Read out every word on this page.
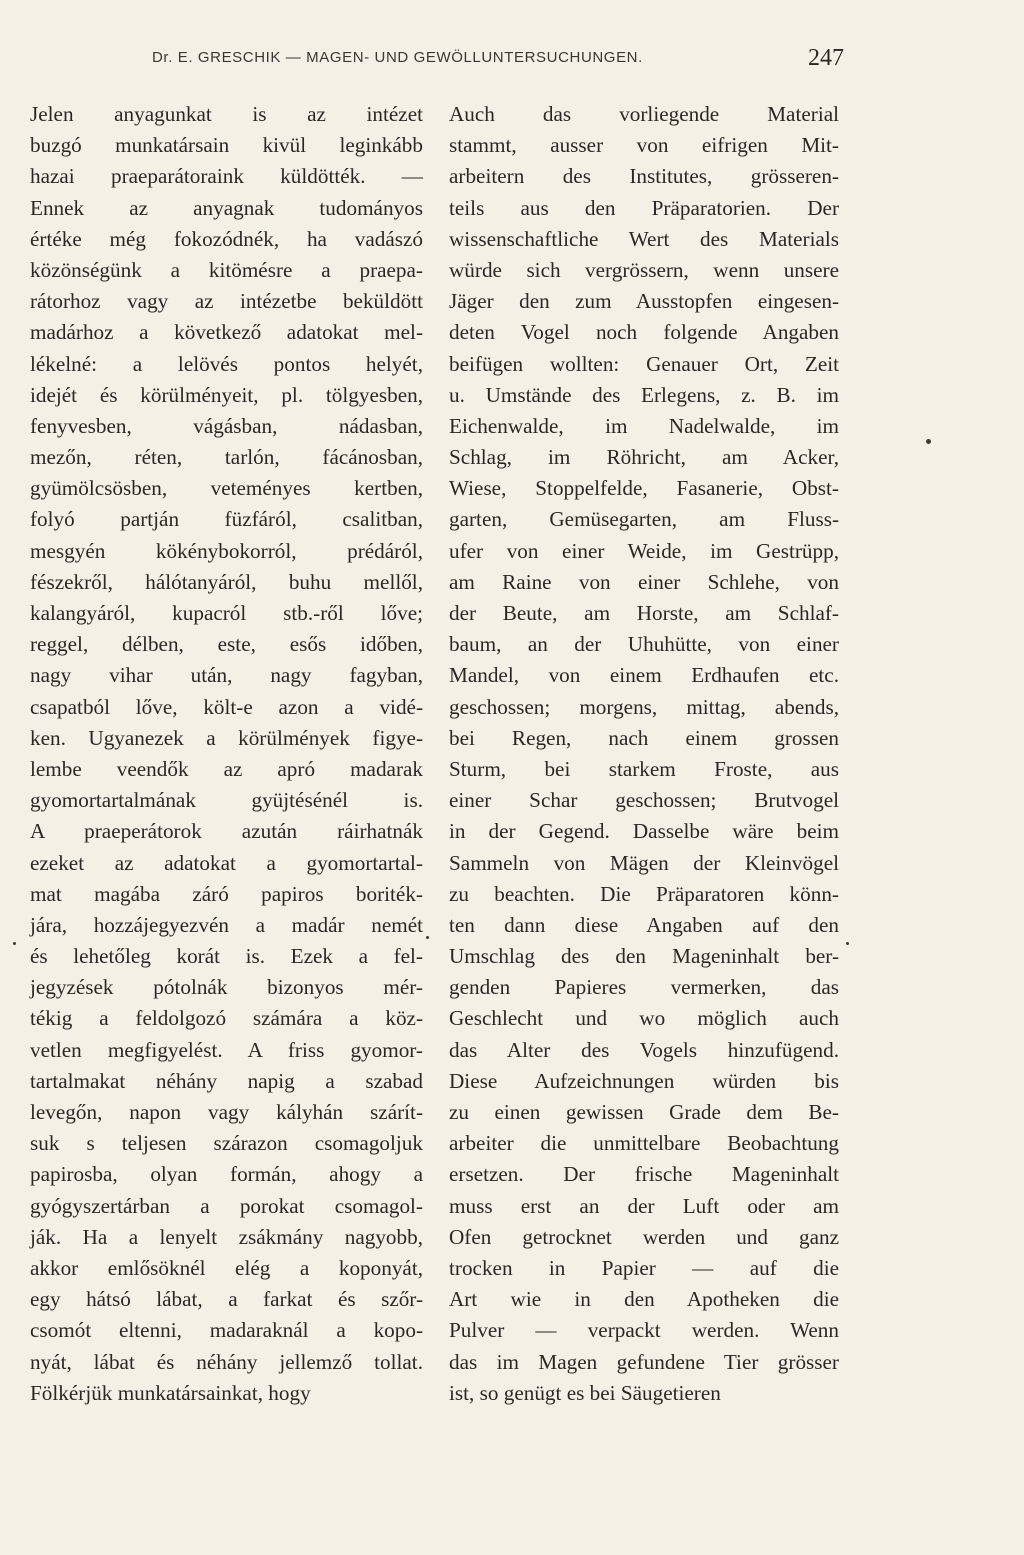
Dr. E. GRESCHIK — MAGEN- UND GEWÖLLUNTERSUCHUNGEN.	247
Jelen anyagunkat is az intézet
buzgó munkatársain kivül leginkább
hazai praeparátoraink küldötték. —
Ennek az anyagnak tudományos
értéke még fokozódnék, ha vadászó
közönségünk a kitömésre a praepa-
rátorhoz vagy az intézetbe beküldött
madárhoz a következő adatokat mel-
lékelné: a lelövés pontos helyét,
idejét és körülményeit, pl. tölgyesben,
fenyvesben, vágásban, nádasban,
mezőn, réten, tarlón, fácánosban,
gyümölcsösben, veteményes kertben,
folyó partján füzfáról, csalitban,
mesgyén kökénybokorról, prédáról,
fészekről, hálótanyáról, buhu mellől,
kalangyáról, kupacról stb.-ről lőve;
reggel, délben, este, esős időben,
nagy vihar után, nagy fagyban,
csapatból lőve, költ-e azon a vidé-
ken. Ugyanezek a körülmények figye-
lembe veendők az apró madarak
gyomortartalmának gyüjtésénél is.
A praeperátorok azután ráirhatnák
ezeket az adatokat a gyomortartal-
mat magába záró papiros boriték-
jára, hozzájegyezvén a madár nemét
és lehetőleg korát is. Ezek a fel-
jegyzések pótolnák bizonyos mér-
tékig a feldolgozó számára a köz-
vetlen megfigyelést. A friss gyomor-
tartalmakat néhány napig a szabad
levegőn, napon vagy kályhán szárít-
suk s teljesen szárazon csomagoljuk
papirosba, olyan formán, ahogy a
gyógyszertárban a porokat csomagol-
ják. Ha a lenyelt zsákmány nagyobb,
akkor emlősöknél elég a koponyát,
egy hátsó lábat, a farkat és szőr-
csomót eltenni, madaraknál a kopo-
nyát, lábat és néhány jellemző tollat.
Fölkérjük munkatársainkat, hogy
Auch das vorliegende Material
stammt, ausser von eifrigen Mit-
arbeitern des Institutes, grösseren-
teils aus den Präparatorien. Der
wissenschaftliche Wert des Materials
würde sich vergrössern, wenn unsere
Jäger den zum Ausstopfen eingesen-
deten Vogel noch folgende Angaben
beifügen wollten: Genauer Ort, Zeit
u. Umstände des Erlegens, z. B. im
Eichenwalde, im Nadelwalde, im
Schlag, im Röhricht, am Acker,
Wiese, Stoppelfelde, Fasanerie, Obst-
garten, Gemüsegarten, am Fluss-
ufer von einer Weide, im Gestrüpp,
am Raine von einer Schlehe, von
der Beute, am Horste, am Schlaf-
baum, an der Uhuhütte, von einer
Mandel, von einem Erdhaufen etc.
geschossen; morgens, mittag, abends,
bei Regen, nach einem grossen
Sturm, bei starkem Froste, aus
einer Schar geschossen; Brutvogel
in der Gegend. Dasselbe wäre beim
Sammeln von Mägen der Kleinvögel
zu beachten. Die Präparatoren könn-
ten dann diese Angaben auf den
Umschlag des den Mageninhalt ber-
genden Papieres vermerken, das
Geschlecht und wo möglich auch
das Alter des Vogels hinzufügend.
Diese Aufzeichnungen würden bis
zu einen gewissen Grade dem Be-
arbeiter die unmittelbare Beobachtung
ersetzen. Der frische Mageninhalt
muss erst an der Luft oder am
Ofen getrocknet werden und ganz
trocken in Papier — auf die
Art wie in den Apotheken die
Pulver — verpackt werden. Wenn
das im Magen gefundene Tier grösser
ist, so genügt es bei Säugetieren
